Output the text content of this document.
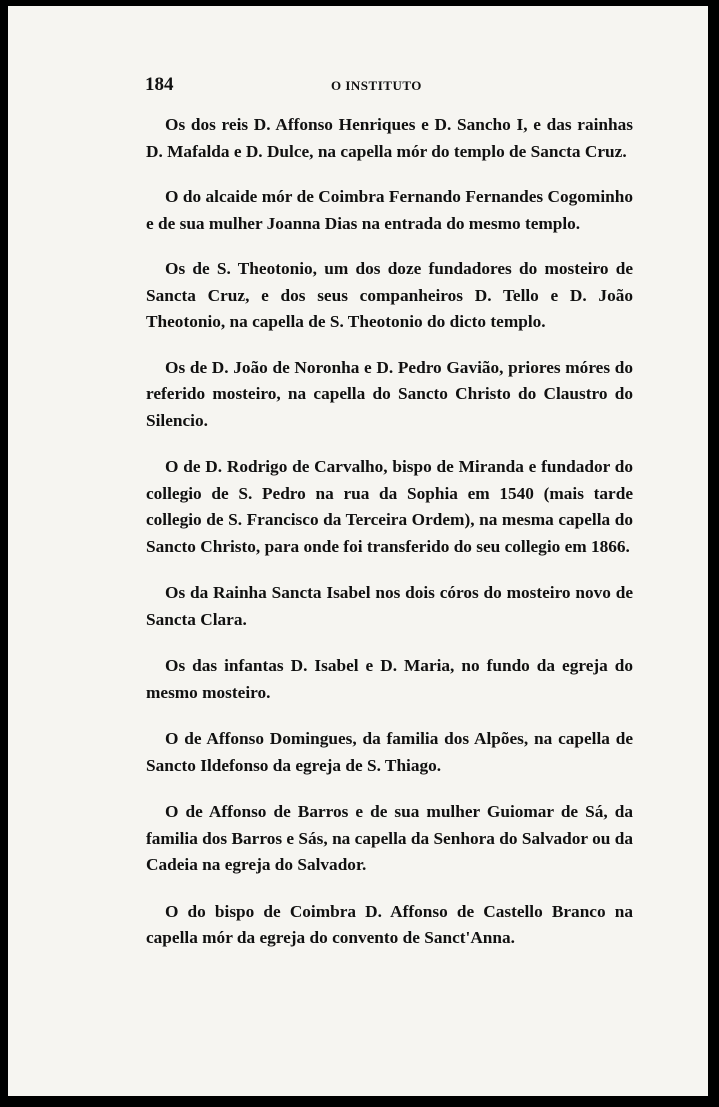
184	O INSTITUTO

Os dos reis D. Affonso Henriques e D. Sancho I, e das rainhas D. Mafalda e D. Dulce, na capella mór do templo de Sancta Cruz.

O do alcaide mór de Coimbra Fernando Fernandes Cogominho e de sua mulher Joanna Dias na entrada do mesmo templo.

Os de S. Theotonio, um dos doze fundadores do mosteiro de Sancta Cruz, e dos seus companheiros D. Tello e D. João Theotonio, na capella de S. Theotonio do dicto templo.

Os de D. João de Noronha e D. Pedro Gavião, priores móres do referido mosteiro, na capella do Sancto Christo do Claustro do Silencio.

O de D. Rodrigo de Carvalho, bispo de Miranda e fundador do collegio de S. Pedro na rua da Sophia em 1540 (mais tarde collegio de S. Francisco da Terceira Ordem), na mesma capella do Sancto Christo, para onde foi transferido do seu collegio em 1866.

Os da Rainha Sancta Isabel nos dois córos do mosteiro novo de Sancta Clara.

Os das infantas D. Isabel e D. Maria, no fundo da egreja do mesmo mosteiro.

O de Affonso Domingues, da familia dos Alpões, na capella de Sancto Ildefonso da egreja de S. Thiago.

O de Affonso de Barros e de sua mulher Guiomar de Sá, da familia dos Barros e Sás, na capella da Senhora do Salvador ou da Cadeia na egreja do Salvador.

O do bispo de Coimbra D. Affonso de Castello Branco na capella mór da egreja do convento de Sanct'Anna.
